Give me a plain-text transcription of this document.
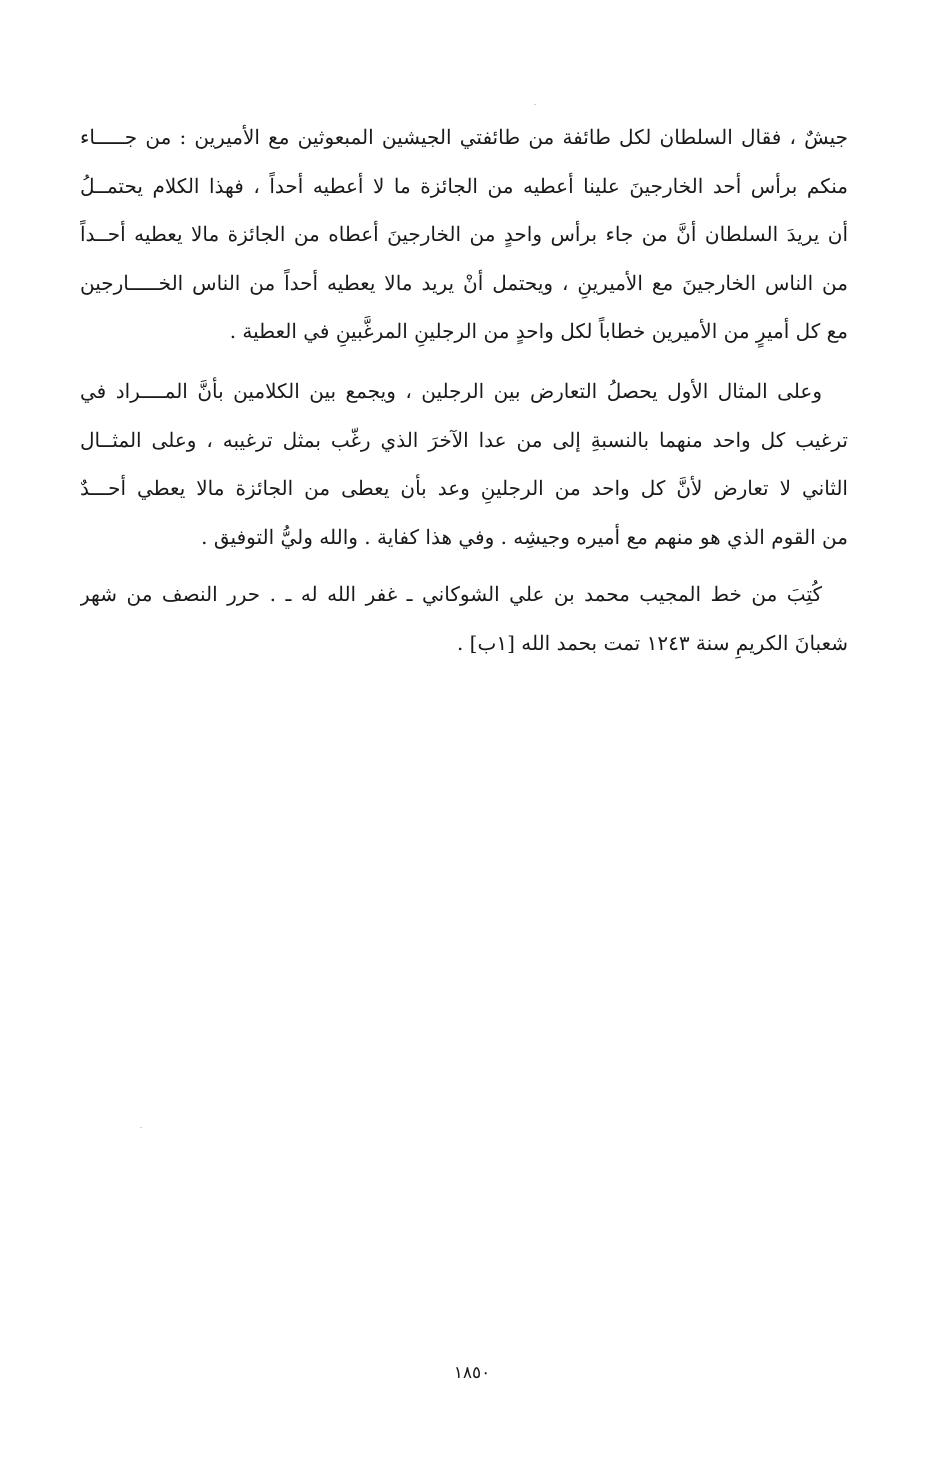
جيشٌ ، فقال السلطان لكل طائفة من طائفتي الجيشين المبعوثين مع الأميرين : من جـــــاء
منكم برأس أحد الخارجينَ علينا أعطيه من الجائزة ما لا أعطيه أحداً ، فهذا الكلام يحتمــلُ
أن يريدَ السلطان أنَّ من جاء برأس واحدٍ من الخارجينَ أعطاه من الجائزة مالا يعطيه أحــداً
من الناس الخارجينَ مع الأميرينِ ، ويحتمل أنْ يريد مالا يعطيه أحداً من الناس الخـــــارجين
مع كل أميرٍ من الأميرين خطاباً لكل واحدٍ من الرجلينِ المرغَّبينِ في العطية .
وعلى المثال الأول يحصلُ التعارض بين الرجلين ، ويجمع بين الكلامين بأنَّ المــــراد في
ترغيب كل واحد منهما بالنسبةِ إلى من عدا الآخرَ الذي رغّب بمثل ترغيبه ، وعلى المثــال
الثاني لا تعارض لأنَّ كل واحد من الرجلينِ وعد بأن يعطى من الجائزة مالا يعطي أحـــدٌ
من القوم الذي هو منهم مع أميره وجيشِه . وفي هذا كفاية . والله وليُّ التوفيق .
كُتِبَ من خط المجيب محمد بن علي الشوكاني ـ غفر الله له ـ . حرر النصف من شهر
شعبانَ الكريمِ سنة ١٢٤٣ تمت بحمد الله [١ب] .
١٨٥٠
